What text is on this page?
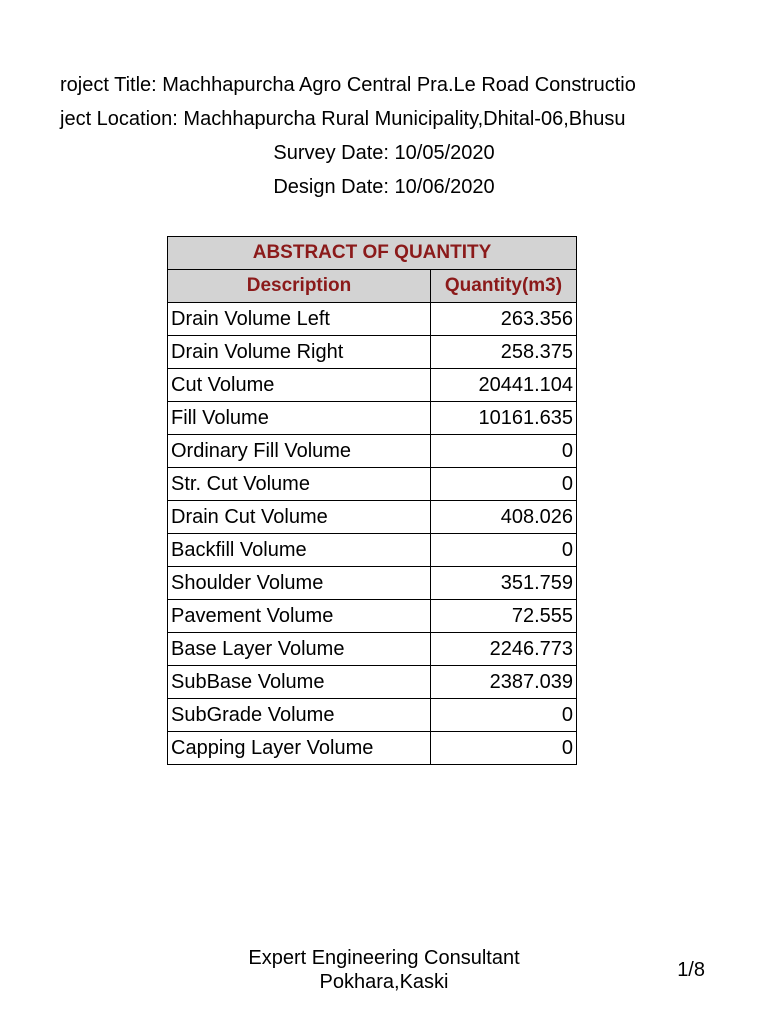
roject Title: Machhapurcha Agro Central Pra.Le Road Constructio
ject Location: Machhapurcha Rural Municipality,Dhital-06,Bhusu
Survey Date: 10/05/2020
Design Date: 10/06/2020
ABSTRACT OF QUANTITY	
Description	Quantity(m3)
Drain Volume Left	263.356
Drain Volume Right	258.375
Cut Volume	20441.104
Fill Volume	10161.635
Ordinary Fill Volume	0
Str. Cut Volume	0
Drain Cut Volume	408.026
Backfill Volume	0
Shoulder Volume	351.759
Pavement Volume	72.555
Base Layer Volume	2246.773
SubBase Volume	2387.039
SubGrade Volume	0
Capping Layer Volume	0
Expert Engineering Consultant
Pokhara,Kaski
1/8
